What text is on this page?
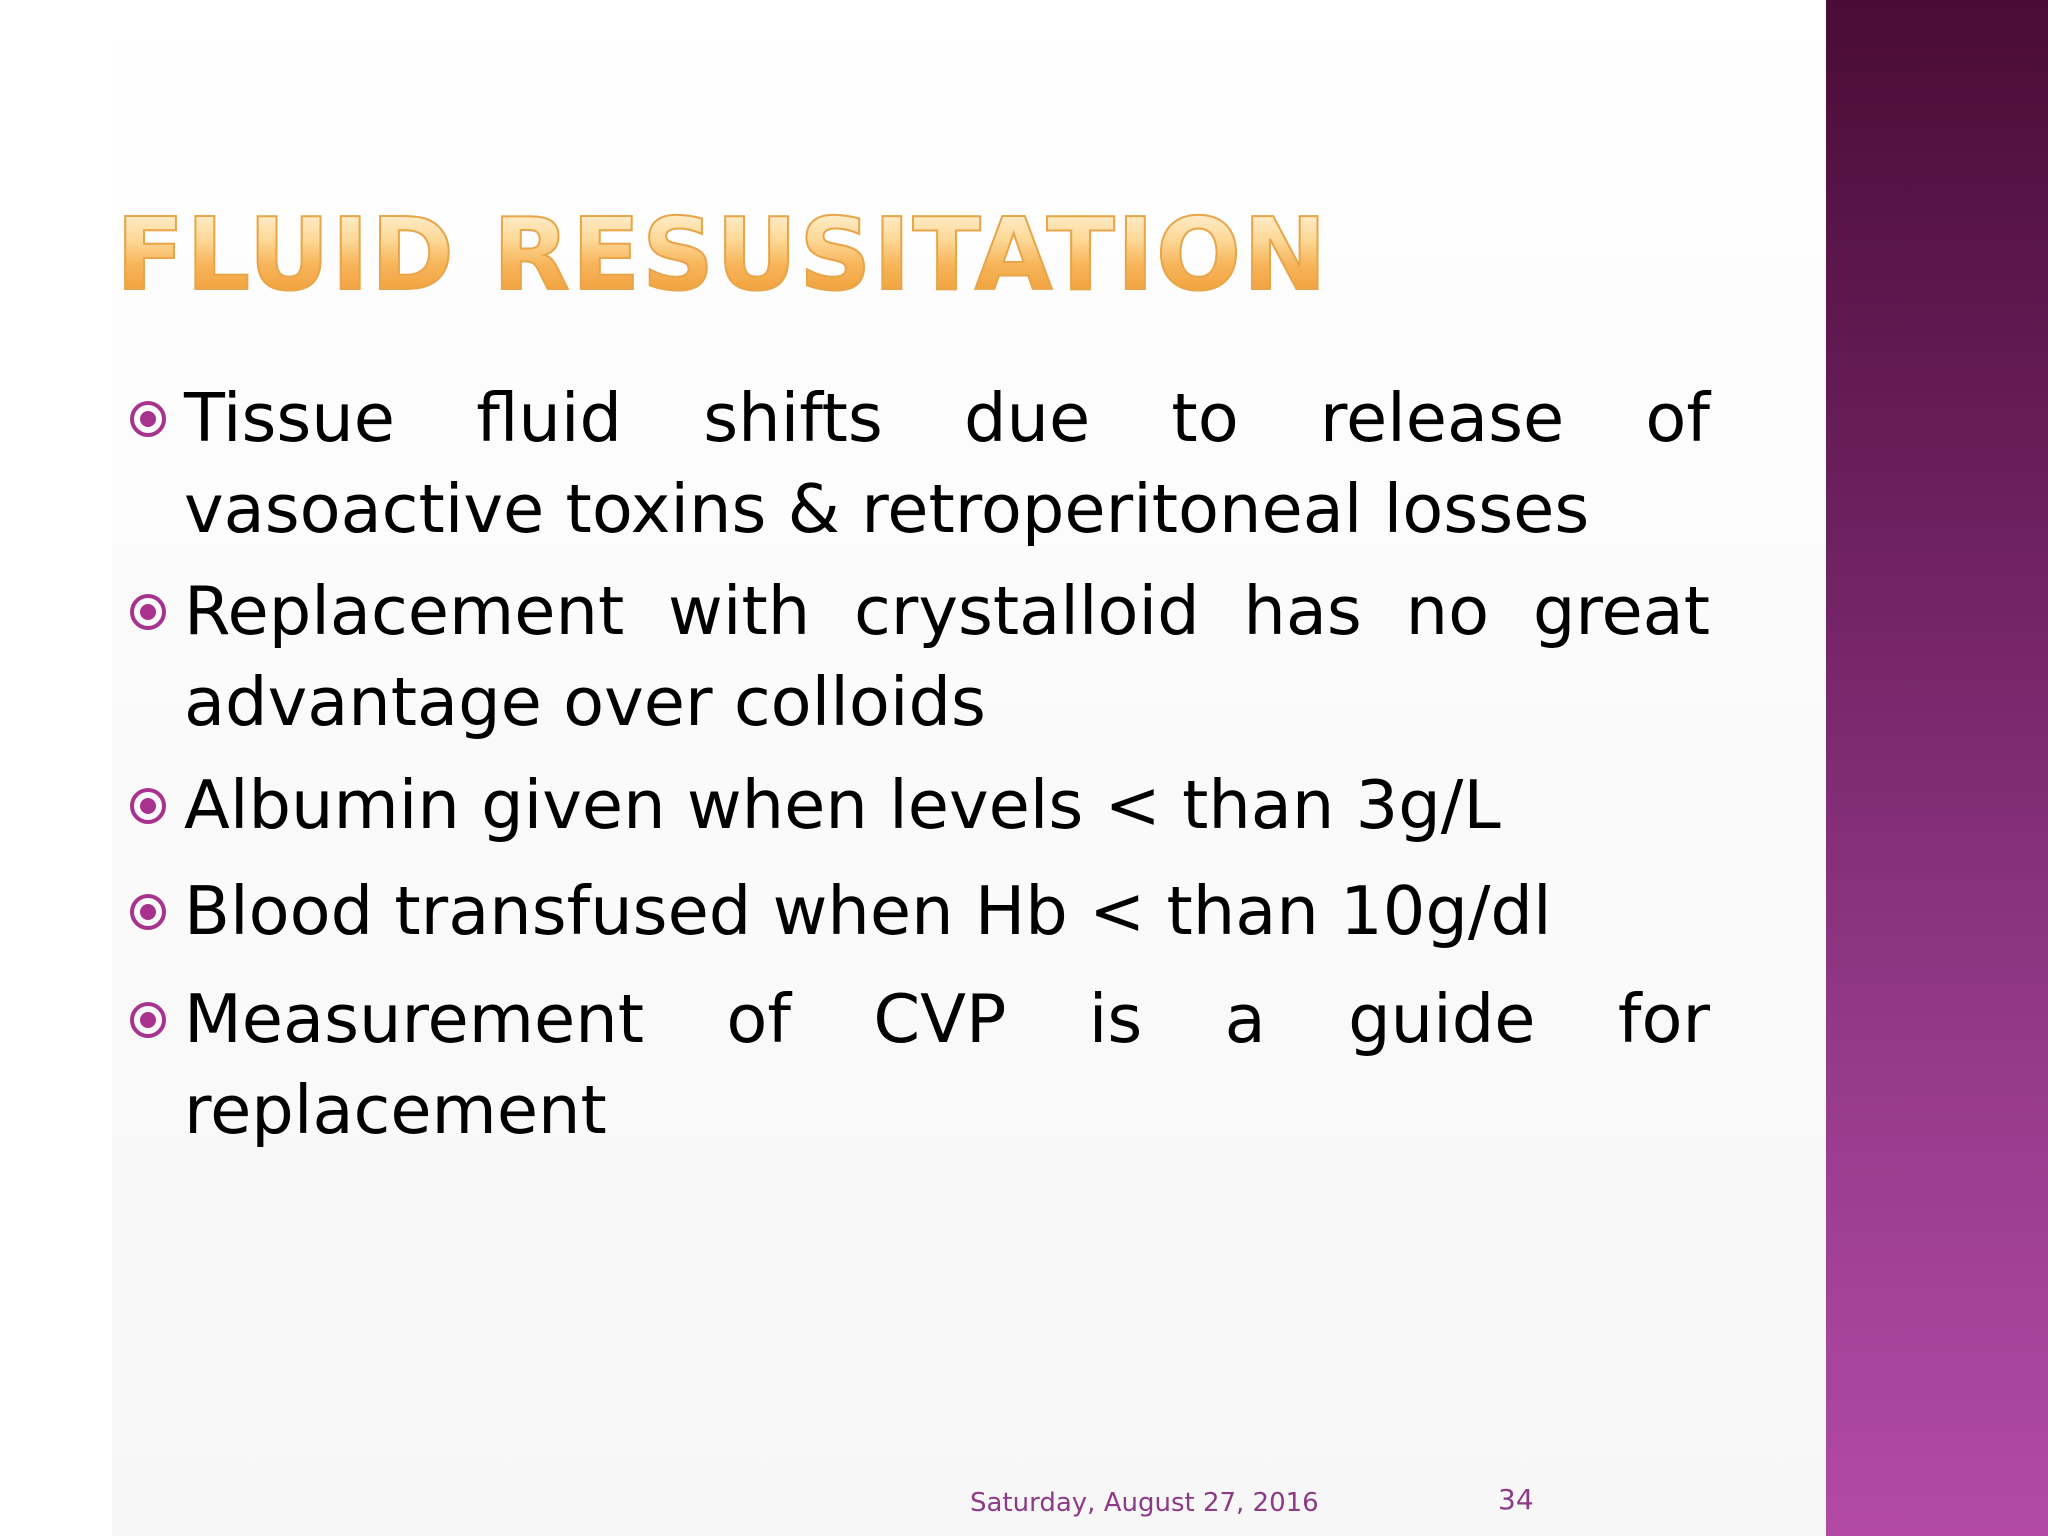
FLUID RESUSITATION

Tissue fluid shifts due to release of vasoactive toxins & retroperitoneal losses

Replacement with crystalloid has no great advantage over colloids

Albumin given when levels < than 3g/L

Blood transfused when Hb < than 10g/dl

Measurement of CVP is a guide for replacement

Saturday, August 27, 2016	34
